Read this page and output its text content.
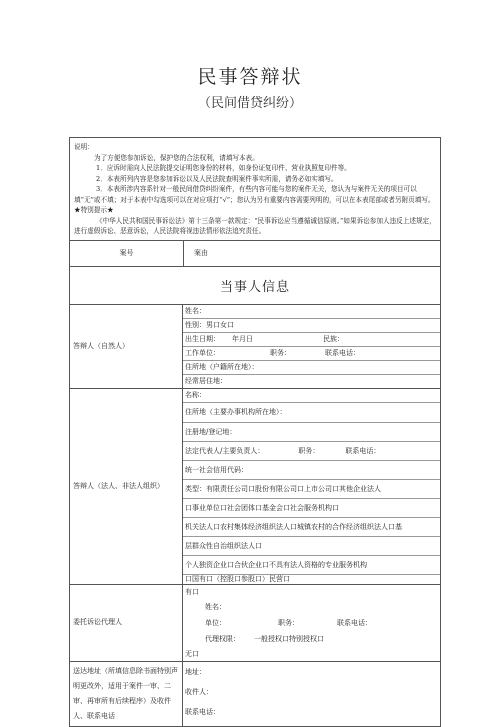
民事答辩状
（民间借贷纠纷）

说明：

为了方便您参加诉讼，保护您的合法权利，请填写本表。

1．应诉时需向人民法院提交证明您身份的材料，如身份证复印件、营业执照复印件等。

2．本表所列内容是您参加诉讼以及人民法院查明案件事实所需，请务必如实填写。

3．本表所涉内容系针对一般民间借贷纠纷案件，有些内容可能与您的案件无关，您认为与案件无关的项目可以填“无”或不填；对于本表中勾选项可以在对应项打“√”；您认为另有重要内容需要列明的，可以在本表尾部或者另附页填写。

★特别提示★

《中华人民共和国民事诉讼法》第十三条第一款规定：“民事诉讼应当遵循诚信原则。”如果诉讼参加人违反上述规定，进行虚假诉讼、恶意诉讼，人民法院将视违法情形依法追究责任。

案号	案由
当事人信息
答辩人（自然人）
姓名：
性别：男口女口
出生日期： 年月日	民族：
工作单位：	职务：	联系电话：
住所地（户籍所在地）：
经常居住地：
答辩人（法人、非法人组织）
名称：
住所地（主要办事机构所在地）：
注册地/登记地：
法定代表人/主要负责人：	职务：	联系电话：
统一社会信用代码：
类型：有限责任公司口股份有限公司口上市公司口其他企业法人
口事业单位口社会团体口基金会口社会服务机构口
机关法人口农村集体经济组织法人口城镇农村的合作经济组织法人口基
层群众性自治组织法人口
个人独资企业口合伙企业口不具有法人资格的专业服务机构
口国有口（控股口参股口）民营口
委托诉讼代理人
有口
姓名：
单位：	职务：	联系电话：
代理权限： 一般授权口特别授权口
无口
送达地址（所填信息除书面特别声明更改外，适用于案件一审、二审、再审所有后续程序）及收件人、联系电话
地址：
收件人：
联系电话：
